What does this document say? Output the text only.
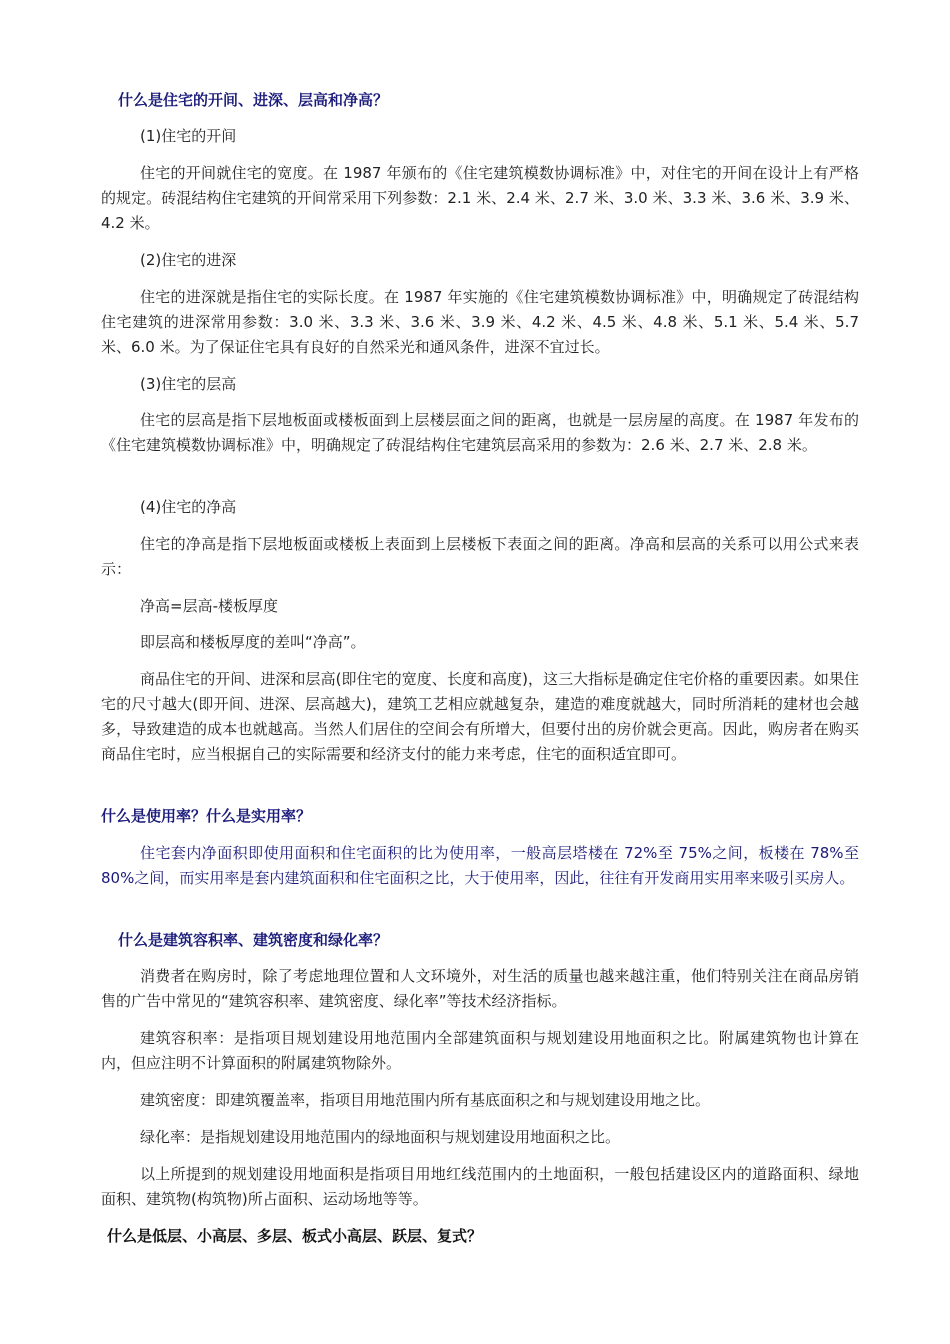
什么是住宅的开间、进深、层高和净高？

(1)住宅的开间

住宅的开间就住宅的宽度。在 1987 年颁布的《住宅建筑模数协调标准》中，对住宅的开间在设计上有严格的规定。砖混结构住宅建筑的开间常采用下列参数：2.1 米、2.4 米、2.7 米、3.0 米、3.3 米、3.6 米、3.9 米、4.2 米。

(2)住宅的进深

住宅的进深就是指住宅的实际长度。在 1987 年实施的《住宅建筑模数协调标准》中，明确规定了砖混结构住宅建筑的进深常用参数：3.0 米、3.3 米、3.6 米、3.9 米、4.2 米、4.5 米、4.8 米、5.1 米、5.4 米、5.7 米、6.0 米。为了保证住宅具有良好的自然采光和通风条件，进深不宜过长。

(3)住宅的层高

住宅的层高是指下层地板面或楼板面到上层楼层面之间的距离，也就是一层房屋的高度。在 1987 年发布的《住宅建筑模数协调标准》中，明确规定了砖混结构住宅建筑层高采用的参数为：2.6 米、2.7 米、2.8 米。

(4)住宅的净高

住宅的净高是指下层地板面或楼板上表面到上层楼板下表面之间的距离。净高和层高的关系可以用公式来表示：

净高=层高-楼板厚度

即层高和楼板厚度的差叫“净高”。

商品住宅的开间、进深和层高(即住宅的宽度、长度和高度)，这三大指标是确定住宅价格的重要因素。如果住宅的尺寸越大(即开间、进深、层高越大)，建筑工艺相应就越复杂，建造的难度就越大，同时所消耗的建材也会越多，导致建造的成本也就越高。当然人们居住的空间会有所增大，但要付出的房价就会更高。因此，购房者在购买商品住宅时，应当根据自己的实际需要和经济支付的能力来考虑，住宅的面积适宜即可。

什么是使用率？什么是实用率？

住宅套内净面积即使用面积和住宅面积的比为使用率，一般高层塔楼在 72%至 75%之间，板楼在 78%至 80%之间，而实用率是套内建筑面积和住宅面积之比，大于使用率，因此，往往有开发商用实用率来吸引买房人。

什么是建筑容积率、建筑密度和绿化率？

消费者在购房时，除了考虑地理位置和人文环境外，对生活的质量也越来越注重，他们特别关注在商品房销售的广告中常见的“建筑容积率、建筑密度、绿化率”等技术经济指标。

建筑容积率：是指项目规划建设用地范围内全部建筑面积与规划建设用地面积之比。附属建筑物也计算在内，但应注明不计算面积的附属建筑物除外。

建筑密度：即建筑覆盖率，指项目用地范围内所有基底面积之和与规划建设用地之比。

绿化率：是指规划建设用地范围内的绿地面积与规划建设用地面积之比。

以上所提到的规划建设用地面积是指项目用地红线范围内的土地面积，一般包括建设区内的道路面积、绿地面积、建筑物(构筑物)所占面积、运动场地等等。

什么是低层、小高层、多层、板式小高层、跃层、复式？
